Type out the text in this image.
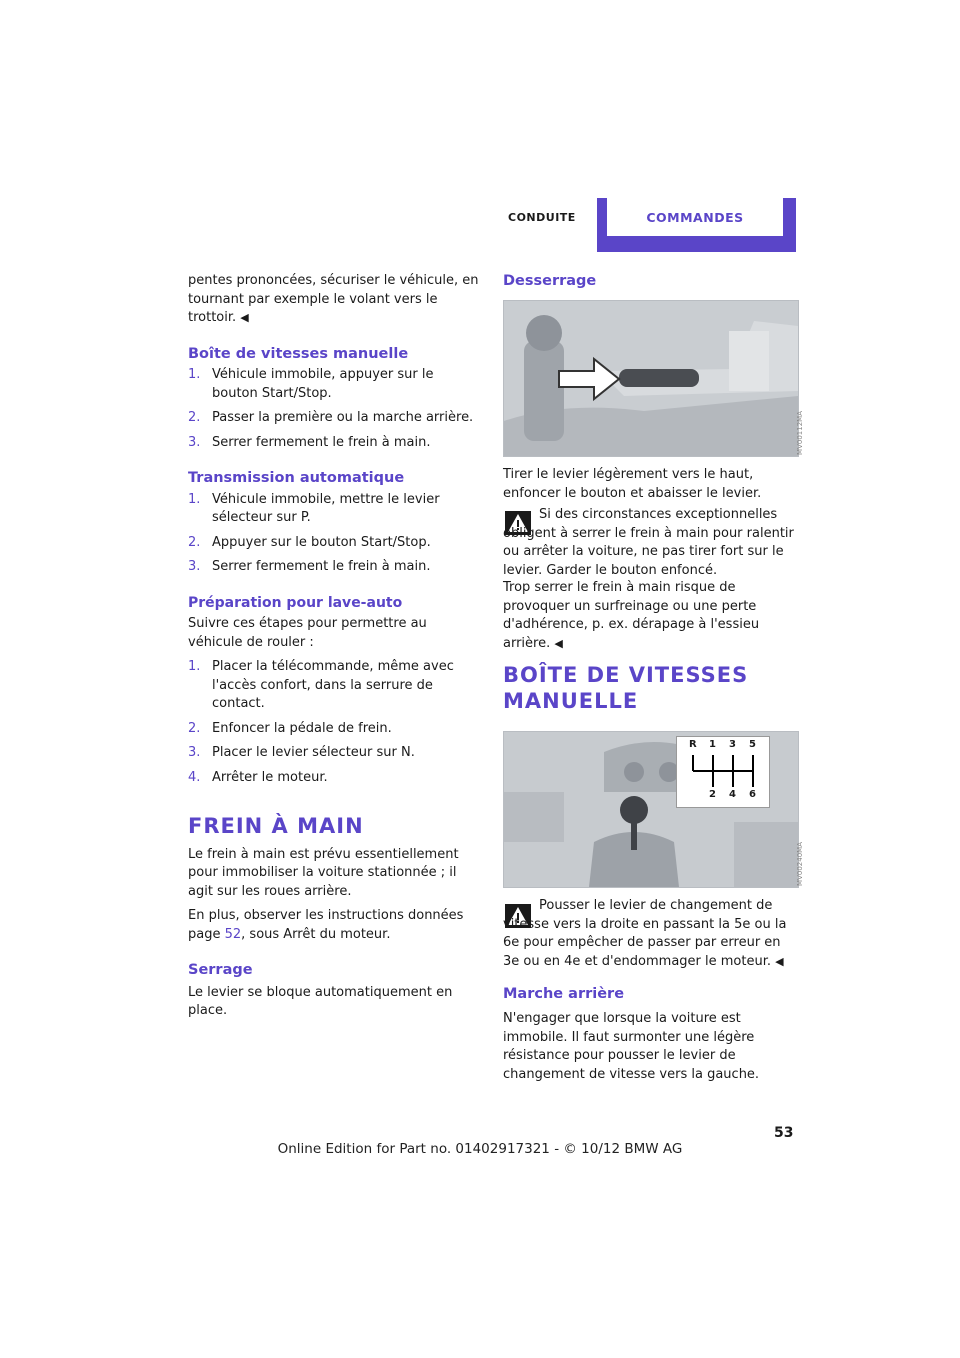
CONDUITE	COMMANDES

pentes prononcées, sécuriser le véhicule, en tournant par exemple le volant vers le trottoir. ◀

Boîte de vitesses manuelle
1. Véhicule immobile, appuyer sur le bouton Start/Stop.
2. Passer la première ou la marche arrière.
3. Serrer fermement le frein à main.
Transmission automatique
1. Véhicule immobile, mettre le levier sélecteur sur P.
2. Appuyer sur le bouton Start/Stop.
3. Serrer fermement le frein à main.
Préparation pour lave-auto

Suivre ces étapes pour permettre au véhicule de rouler :

1. Placer la télécommande, même avec l'accès confort, dans la serrure de contact.
2. Enfoncer la pédale de frein.
3. Placer le levier sélecteur sur N.
4. Arrêter le moteur.
FREIN À MAIN

Le frein à main est prévu essentiellement pour immobiliser la voiture stationnée ; il agit sur les roues arrière.

En plus, observer les instructions données page 52, sous Arrêt du moteur.

Serrage

Le levier se bloque automatiquement en place.

Desserrage
MV00112MA

Tirer le levier légèrement vers le haut, enfoncer le bouton et abaisser le levier.

Si des circonstances exceptionnelles obligent à serrer le frein à main pour ralentir ou arrêter la voiture, ne pas tirer fort sur le levier. Garder le bouton enfoncé.

Trop serrer le frein à main risque de provoquer un surfreinage ou une perte d'adhérence, p. ex. dérapage à l'essieu arrière. ◀

BOÎTE DE VITESSES
MANUELLE
R 1 3 5
2 4 6
MV00240MA

Pousser le levier de changement de vitesse vers la droite en passant la 5e ou la 6e pour empêcher de passer par erreur en 3e ou en 4e et d'endommager le moteur. ◀

Marche arrière

N'engager que lorsque la voiture est immobile. Il faut surmonter une légère résistance pour pousser le levier de changement de vitesse vers la gauche.

53
Online Edition for Part no. 01402917321 - © 10/12 BMW AG
